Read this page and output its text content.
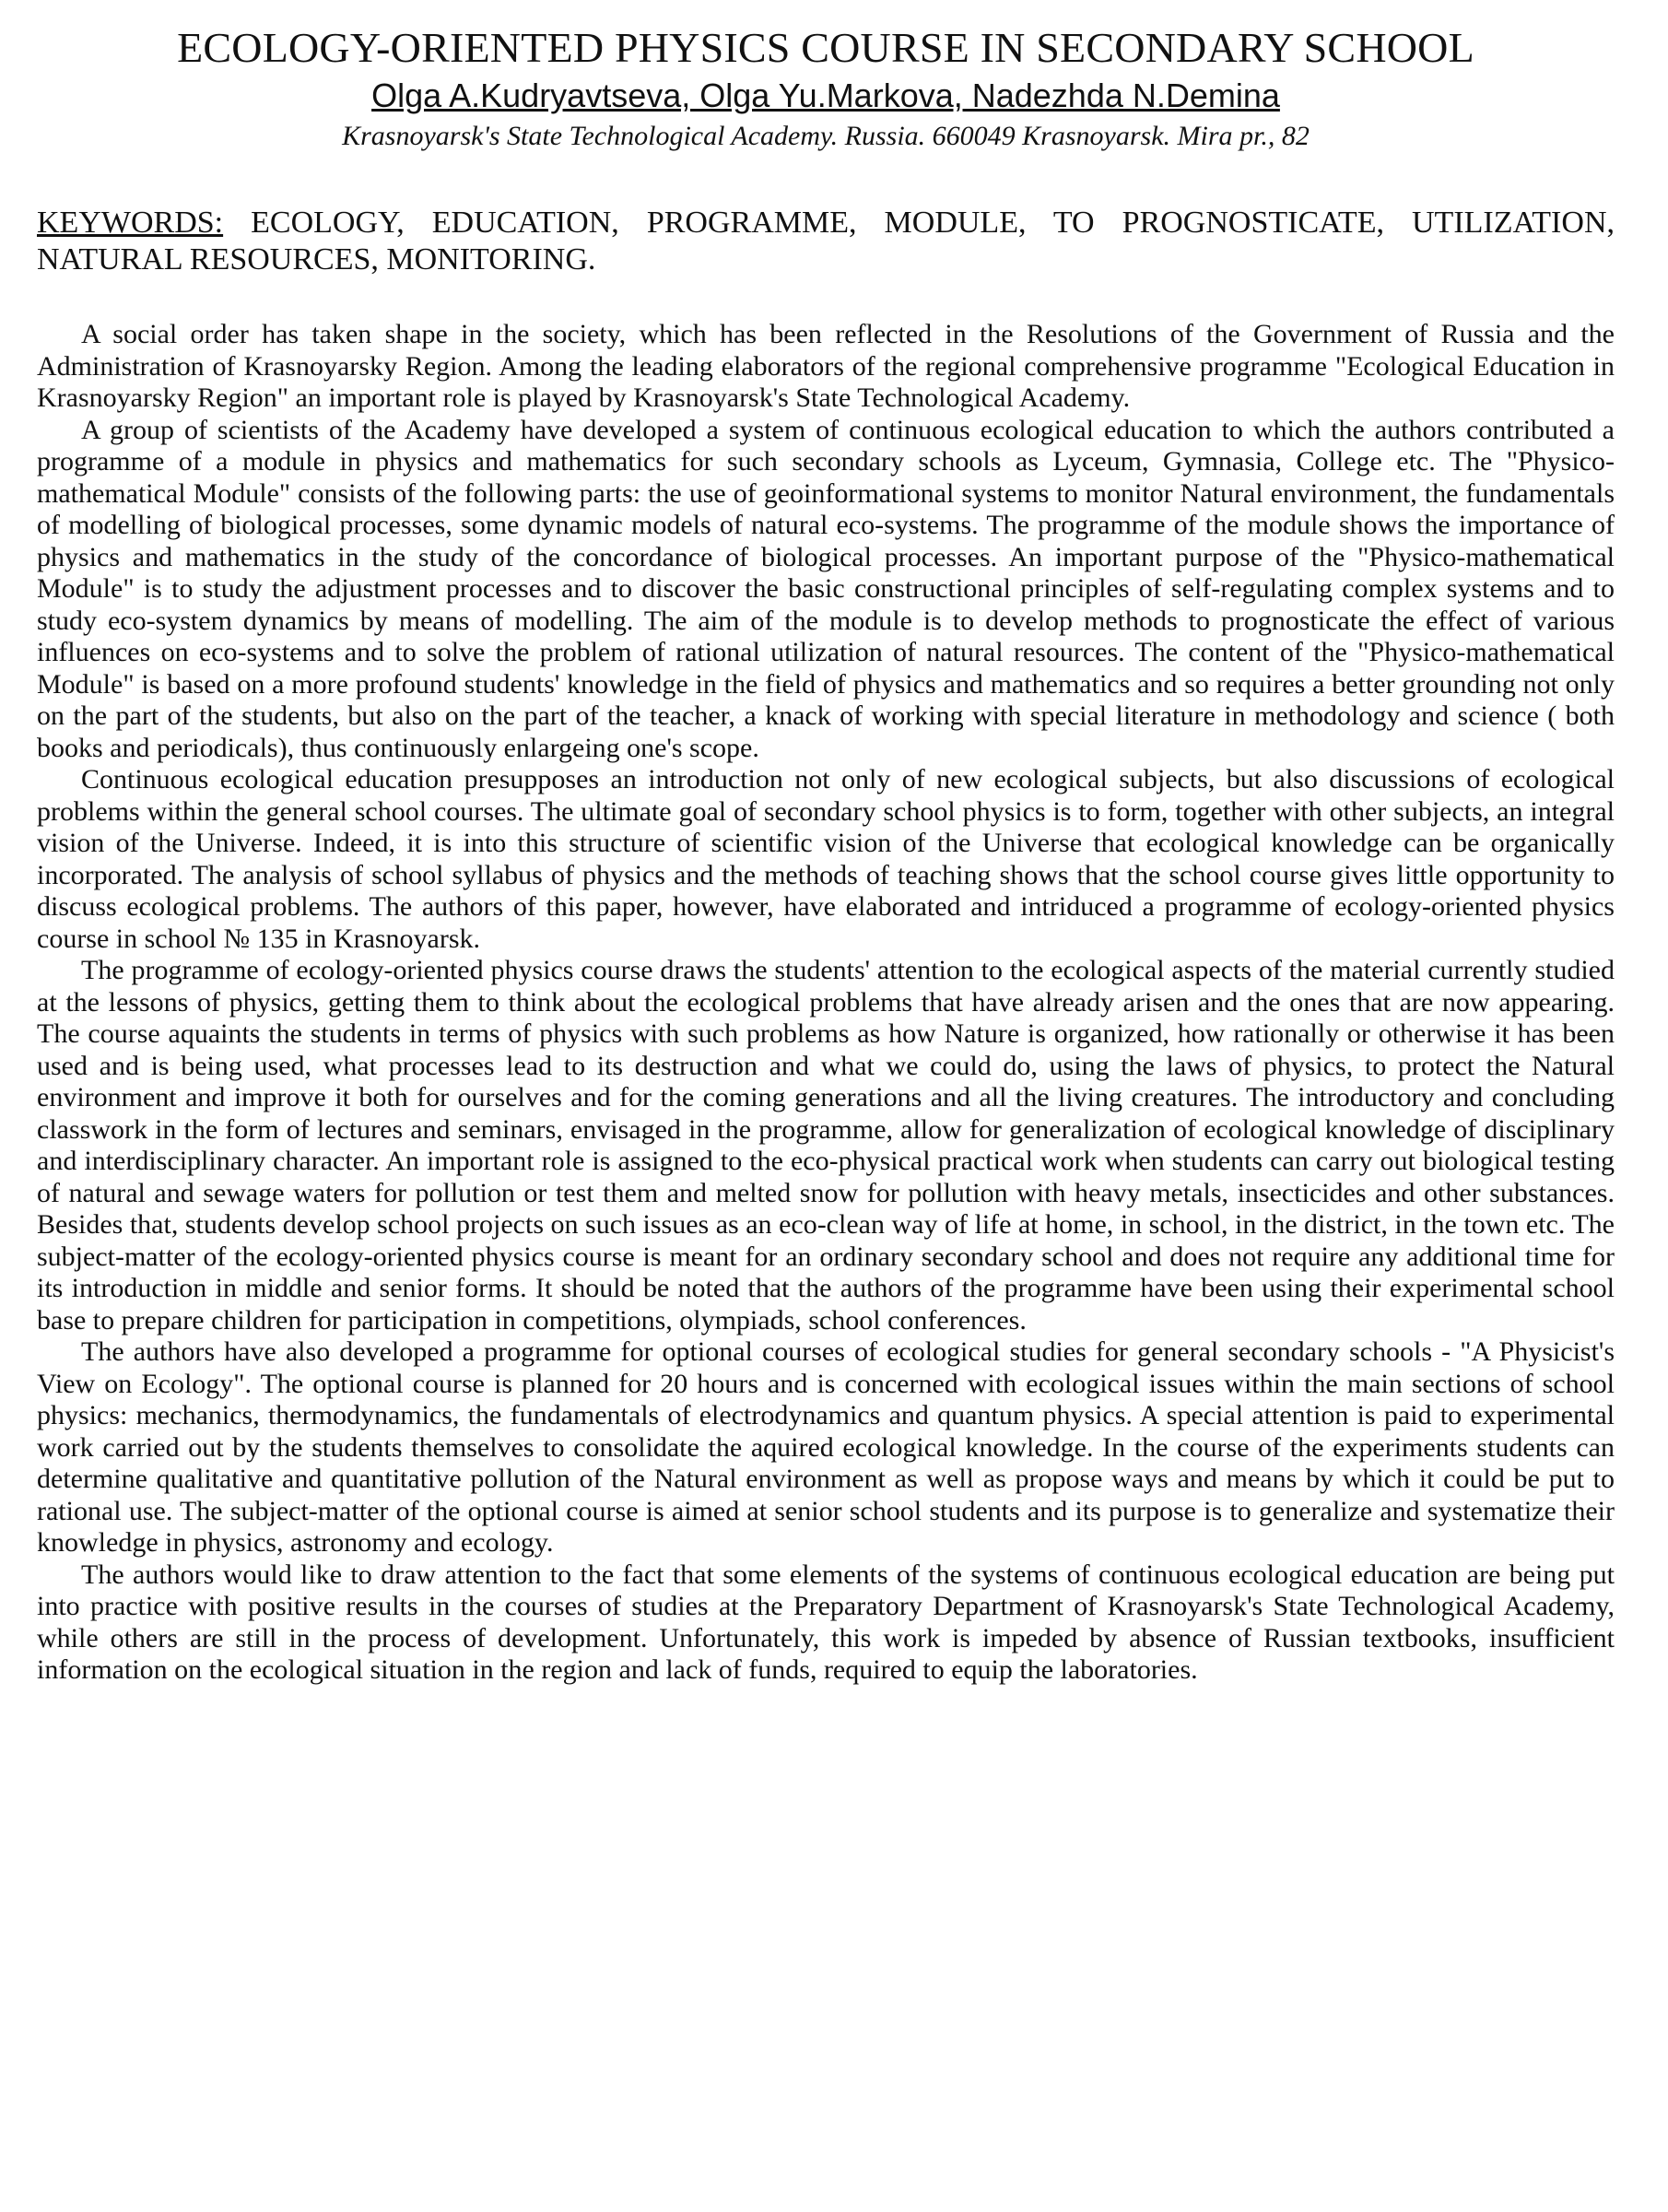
ECOLOGY-ORIENTED PHYSICS COURSE IN SECONDARY SCHOOL
Olga A.Kudryavtseva, Olga Yu.Markova, Nadezhda N.Demina
Krasnoyarsk's State Technological Academy. Russia. 660049 Krasnoyarsk. Mira pr., 82
KEYWORDS: ECOLOGY, EDUCATION, PROGRAMME, MODULE, TO PROGNOSTICATE, UTILIZATION, NATURAL RESOURCES, MONITORING.

A social order has taken shape in the society, which has been reflected in the Resolutions of the Government of Russia and the Administration of Krasnoyarsky Region. Among the leading elaborators of the regional comprehensive programme "Ecological Education in Krasnoyarsky Region" an important role is played by Krasnoyarsk's State Technological Academy.

A group of scientists of the Academy have developed a system of continuous ecological education to which the authors contributed a programme of a module in physics and mathematics for such secondary schools as Lyceum, Gymnasia, College etc. The "Physico-mathematical Module" consists of the following parts: the use of geoinformational systems to monitor Natural environment, the fundamentals of modelling of biological processes, some dynamic models of natural eco-systems. The programme of the module shows the importance of physics and mathematics in the study of the concordance of biological processes. An important purpose of the "Physico-mathematical Module" is to study the adjustment processes and to discover the basic constructional principles of self-regulating complex systems and to study eco-system dynamics by means of modelling. The aim of the module is to develop methods to prognosticate the effect of various influences on eco-systems and to solve the problem of rational utilization of natural resources. The content of the "Physico-mathematical Module" is based on a more profound students' knowledge in the field of physics and mathematics and so requires a better grounding not only on the part of the students, but also on the part of the teacher, a knack of working with special literature in methodology and science ( both books and periodicals), thus continuously enlargeing one's scope.

Continuous ecological education presupposes an introduction not only of new ecological subjects, but also discussions of ecological problems within the general school courses. The ultimate goal of secondary school physics is to form, together with other subjects, an integral vision of the Universe. Indeed, it is into this structure of scientific vision of the Universe that ecological knowledge can be organically incorporated. The analysis of school syllabus of physics and the methods of teaching shows that the school course gives little opportunity to discuss ecological problems. The authors of this paper, however, have elaborated and intriduced a programme of ecology-oriented physics course in school № 135 in Krasnoyarsk.

The programme of ecology-oriented physics course draws the students' attention to the ecological aspects of the material currently studied at the lessons of physics, getting them to think about the ecological problems that have already arisen and the ones that are now appearing. The course aquaints the students in terms of physics with such problems as how Nature is organized, how rationally or otherwise it has been used and is being used, what processes lead to its destruction and what we could do, using the laws of physics, to protect the Natural environment and improve it both for ourselves and for the coming generations and all the living creatures. The introductory and concluding classwork in the form of lectures and seminars, envisaged in the programme, allow for generalization of ecological knowledge of disciplinary and interdisciplinary character. An important role is assigned to the eco-physical practical work when students can carry out biological testing of natural and sewage waters for pollution or test them and melted snow for pollution with heavy metals, insecticides and other substances. Besides that, students develop school projects on such issues as an eco-clean way of life at home, in school, in the district, in the town etc. The subject-matter of the ecology-oriented physics course is meant for an ordinary secondary school and does not require any additional time for its introduction in middle and senior forms. It should be noted that the authors of the programme have been using their experimental school base to prepare children for participation in competitions, olympiads, school conferences.

The authors have also developed a programme for optional courses of ecological studies for general secondary schools - "A Physicist's View on Ecology". The optional course is planned for 20 hours and is concerned with ecological issues within the main sections of school physics: mechanics, thermodynamics, the fundamentals of electrodynamics and quantum physics. A special attention is paid to experimental work carried out by the students themselves to consolidate the aquired ecological knowledge. In the course of the experiments students can determine qualitative and quantitative pollution of the Natural environment as well as propose ways and means by which it could be put to rational use. The subject-matter of the optional course is aimed at senior school students and its purpose is to generalize and systematize their knowledge in physics, astronomy and ecology.

The authors would like to draw attention to the fact that some elements of the systems of continuous ecological education are being put into practice with positive results in the courses of studies at the Preparatory Department of Krasnoyarsk's State Technological Academy, while others are still in the process of development. Unfortunately, this work is impeded by absence of Russian textbooks, insufficient information on the ecological situation in the region and lack of funds, required to equip the laboratories.
